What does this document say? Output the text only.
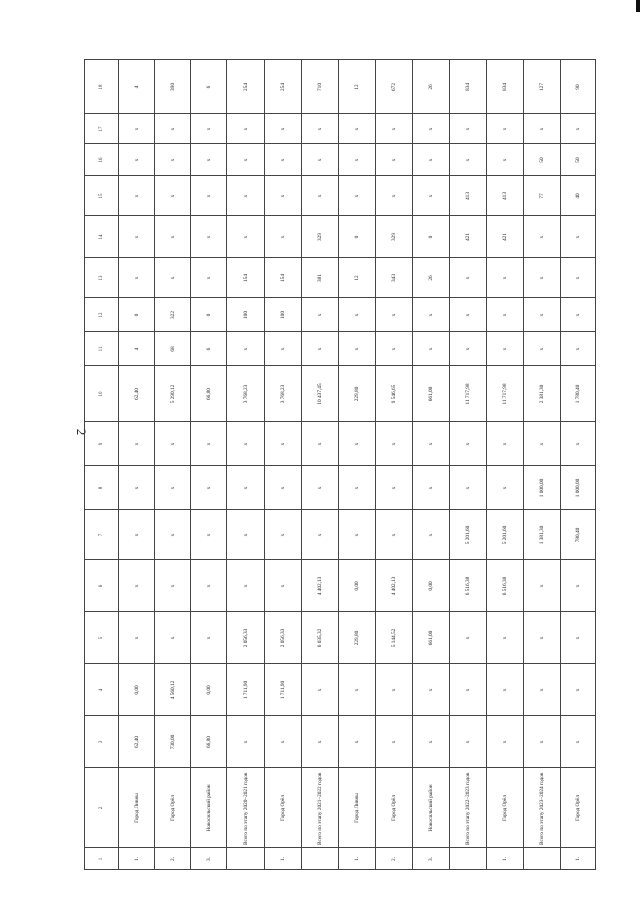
2
18	4	390	6	254	254	710	12	672	26	834	834	127	90

17	x	x	x	x	x	x	x	x	x	x	x	x	x

16	x	x	x	x	x	x	x	x	x	x	x	50	50

15	x	x	x	x	x	x	x	x	x	413	413	77	40

14	x	x	x	x	x	329	0	329	0	421	421	x	x

13	x	x	x	154	154	381	12	343	26	x	x	x	x

12	0	322	0	100	100	x	x	x	x	x	x	x	x

11	4	68	6	x	x	x	x	x	x	x	x	x	x

10	62,40	5 290,12	66,80	3 768,23	3 768,23	10 437,45	229,80	9 546,65	661,00	11 717,98	11 717,98	2 381,30	1 780,40

9	x	x	x	x	x	x	x	x	x	x	x	x	x

8	x	x	x	x	x	x	x	x	x	x	x	1 000,00	1 000,00

7	x	x	x	x	x	x	x	x	x	5 201,60	5 201,60	1 381,30	780,40

6	x	x	x	x	x	4 402,13	0,00	4 402,13	0,00	6 516,38	6 516,38	x	x

5	x	x	x	2 056,33	2 056,33	6 035,32	229,80	5 144,52	661,00	x	x	x	x

4	0,00	4 560,12	0,00	1 711,90	1 711,90	x	x	x	x	x	x	x	x

3	62,40	730,00	66,80	x	x	x	x	x	x	x	x	x	x

2	Город Ливны	Город Орёл	Новосильский район	Всего по этапу 2020–2021 годов	Город Орёл	Всего по этапу 2021–2022 годов	Город Ливны	Город Орёл	Новосильский район	Всего по этапу 2022–2023 годов	Город Орёл	Всего по этапу 2023–2024 годов	Город Орёл

1	1.	2.	3.		1.		1.	2.	3.		1.		1.
